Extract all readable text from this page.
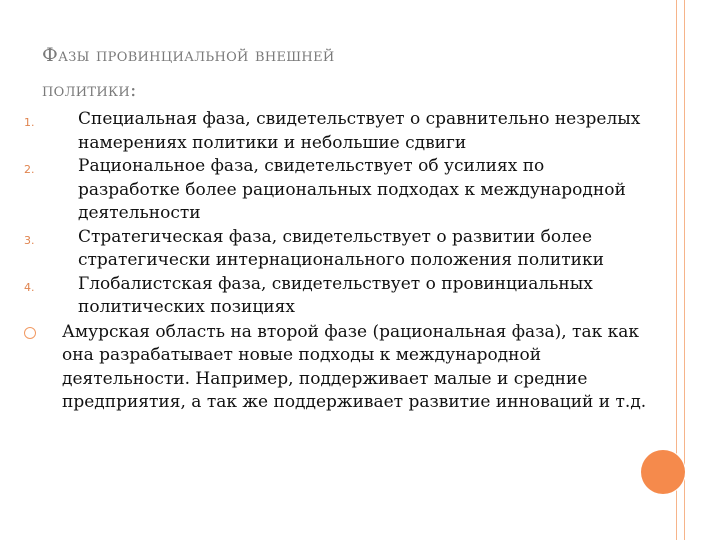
Фазы провинциальной внешней
политики:
1.	Специальная фаза, свидетельствует о сравнительно незрелых намерениях политики и небольшие сдвиги
2.	Рациональное фаза, свидетельствует об усилиях по разработке более рациональных подходах к международной деятельности
3.	Стратегическая фаза, свидетельствует о развитии более стратегически интернационального положения политики
4.	Глобалистская фаза, свидетельствует о провинциальных политических позициях
Амурская область на второй фазе (рациональная фаза), так как она разрабатывает новые подходы к международной деятельности. Например, поддерживает малые и средние предприятия, а так же поддерживает развитие инноваций и т.д.
